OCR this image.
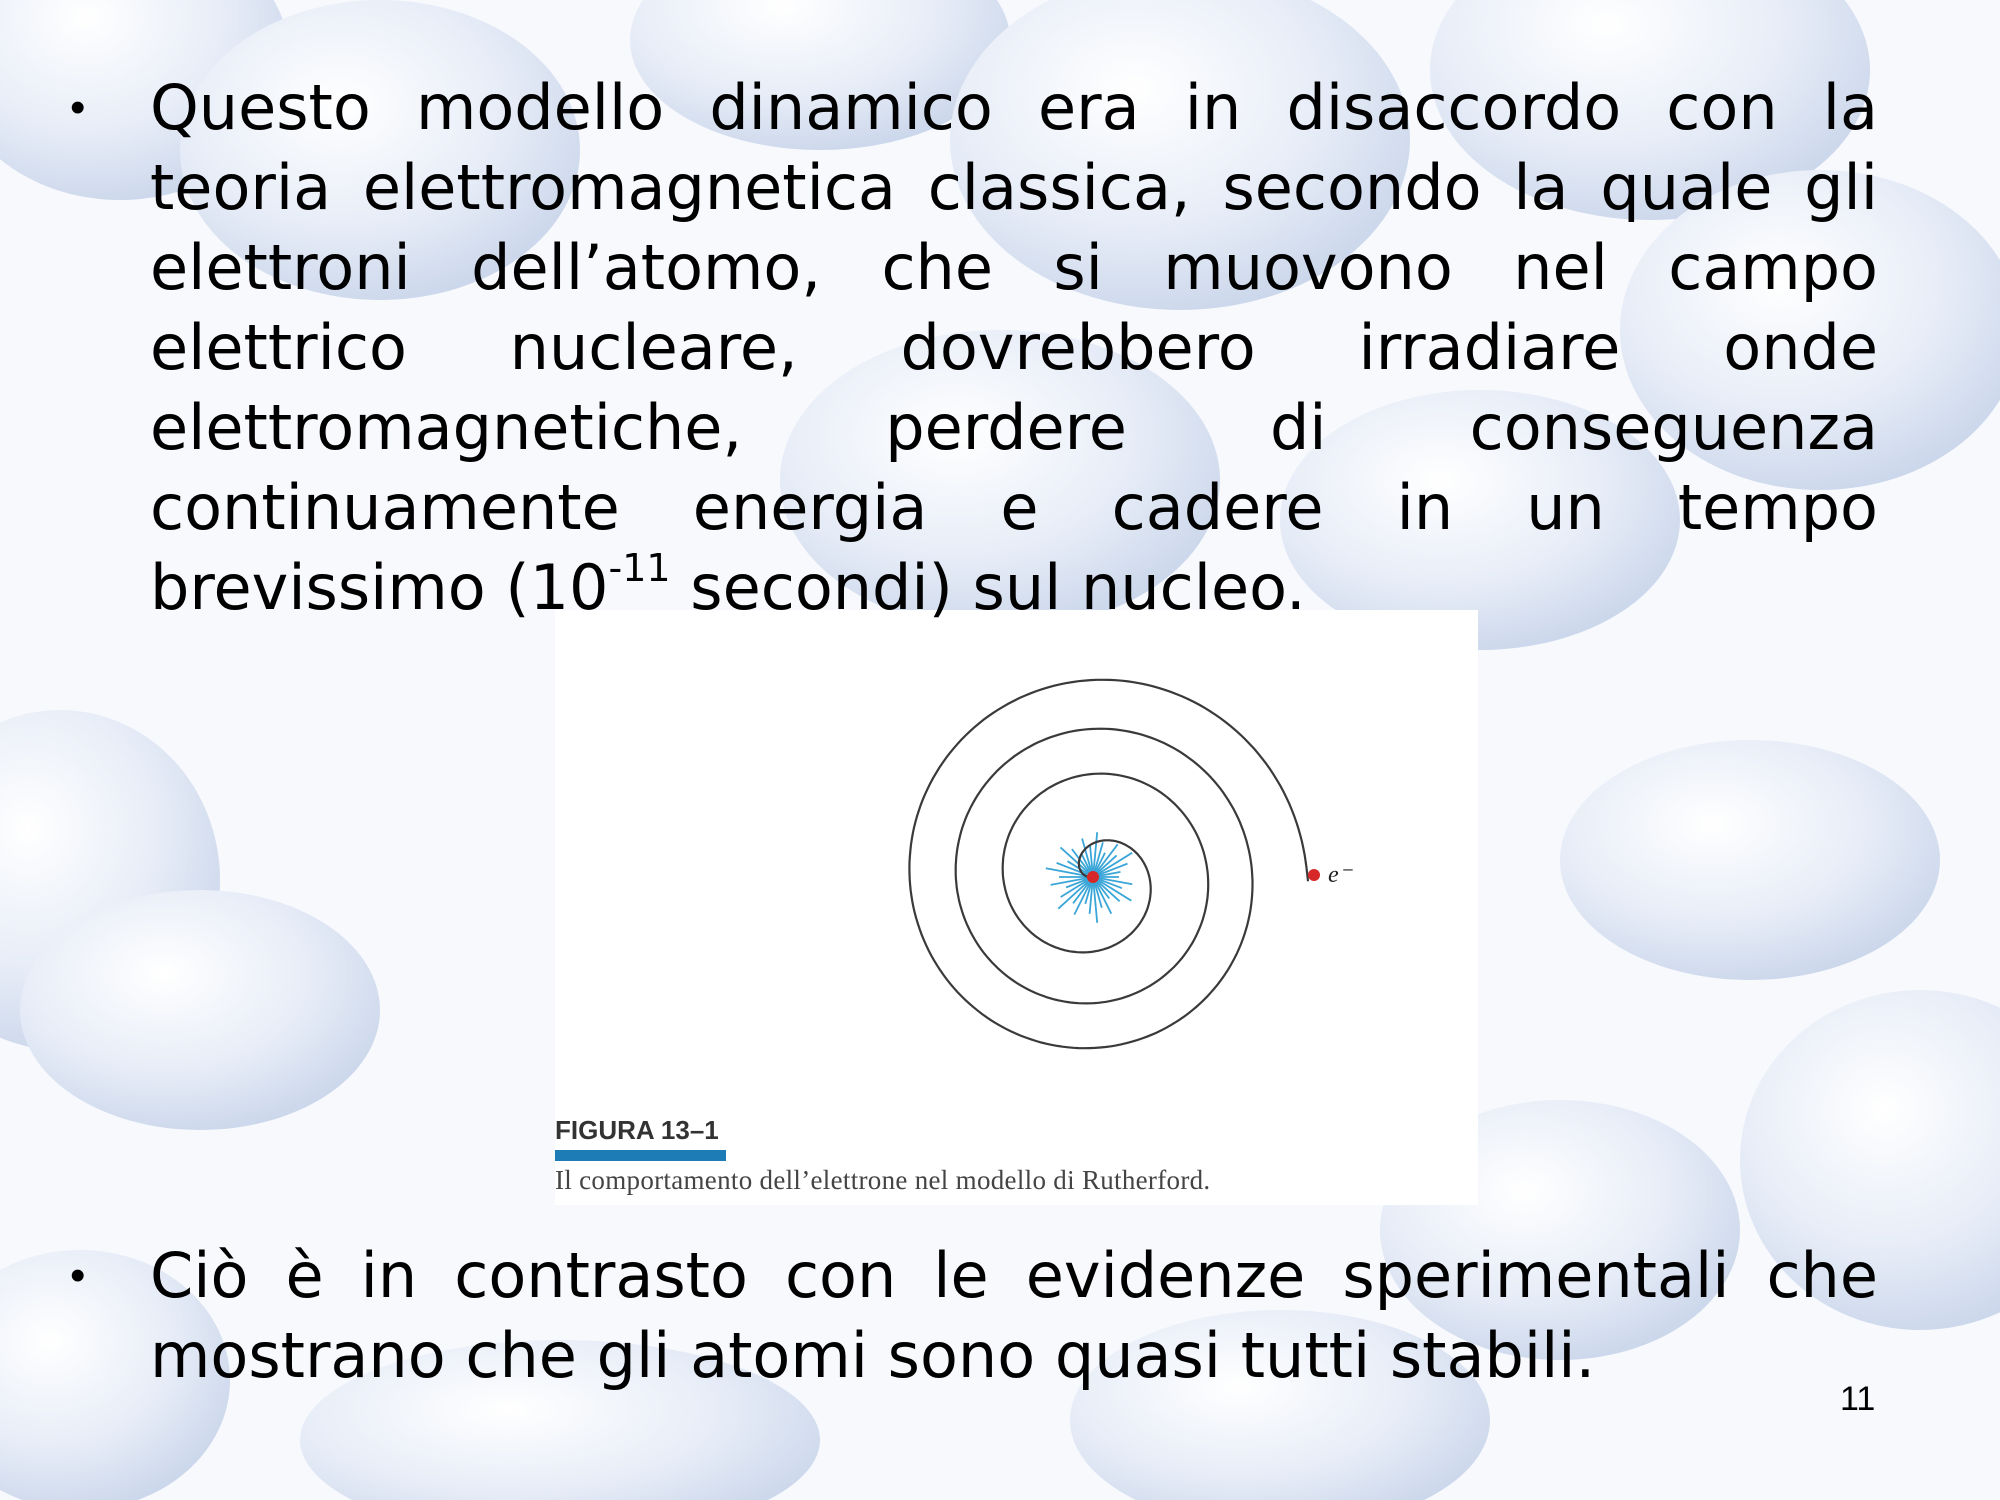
• Questo modello dinamico era in disaccordo con la teoria elettromagnetica classica, secondo la quale gli elettroni dell’atomo, che si muovono nel campo elettrico nucleare, dovrebbero irradiare onde elettromagnetiche, perdere di conseguenza continuamente energia e cadere in un tempo brevissimo ($10^{-11}$ secondi) sul nucleo.
e⁻
FIGURA 13–1
Il comportamento dell’elettrone nel modello di Rutherford.
• Ciò è in contrasto con le evidenze sperimentali che mostrano che gli atomi sono quasi tutti stabili.
11
